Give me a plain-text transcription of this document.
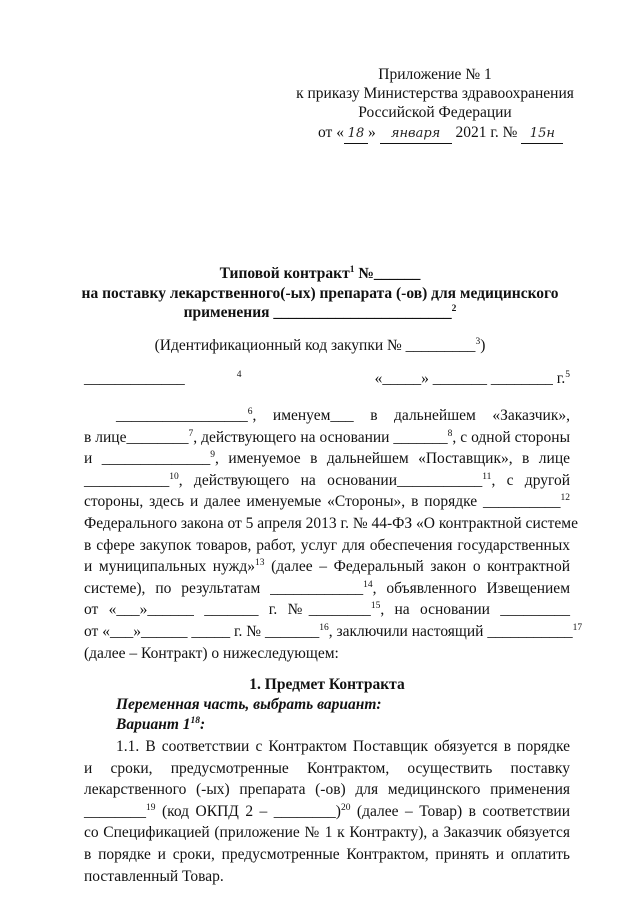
Приложение № 1
к приказу Министерства здравоохранения
Российской Федерации
от « 18 » января 2021 г. № 15н
Типовой контракт$^1$ №______
на поставку лекарственного(-ых) препарата (-ов) для медицинского
применения _______________________$^2$
(Идентификационный код закупки № _________$^3$)
_____________	$^4$	«_____» _______ ________ г.$^5$
_________________$^6$, именуем___ в дальнейшем «Заказчик»,
в лице________$^7$, действующего на основании _______$^8$, с одной стороны
и ______________$^9$, именуемое в дальнейшем «Поставщик», в лице
___________$^{10}$, действующего на основании___________$^{11}$, с другой
стороны, здесь и далее именуемые «Стороны», в порядке __________$^{12}$
Федерального закона от 5 апреля 2013 г. № 44-ФЗ «О контрактной системе
в сфере закупок товаров, работ, услуг для обеспечения государственных
и муниципальных нужд»$^{13}$ (далее – Федеральный закон о контрактной
системе), по результатам ____________$^{14}$, объявленного Извещением
от «___»______ _______ г. №________$^{15}$, на основании _________
от «___»______ _____ г. № _______$^{16}$, заключили настоящий ___________$^{17}$
(далее – Контракт) о нижеследующем:
1. Предмет Контракта
Переменная часть, выбрать вариант:
Вариант $1^{18}$:
1.1. В соответствии с Контрактом Поставщик обязуется в порядке
и сроки, предусмотренные Контрактом, осуществить поставку
лекарственного (-ых) препарата (-ов) для медицинского применения
________$^{19}$ (код ОКПД 2 – ________)$^{20}$ (далее – Товар) в соответствии
со Спецификацией (приложение № 1 к Контракту), а Заказчик обязуется
в порядке и сроки, предусмотренные Контрактом, принять и оплатить
поставленный Товар.
